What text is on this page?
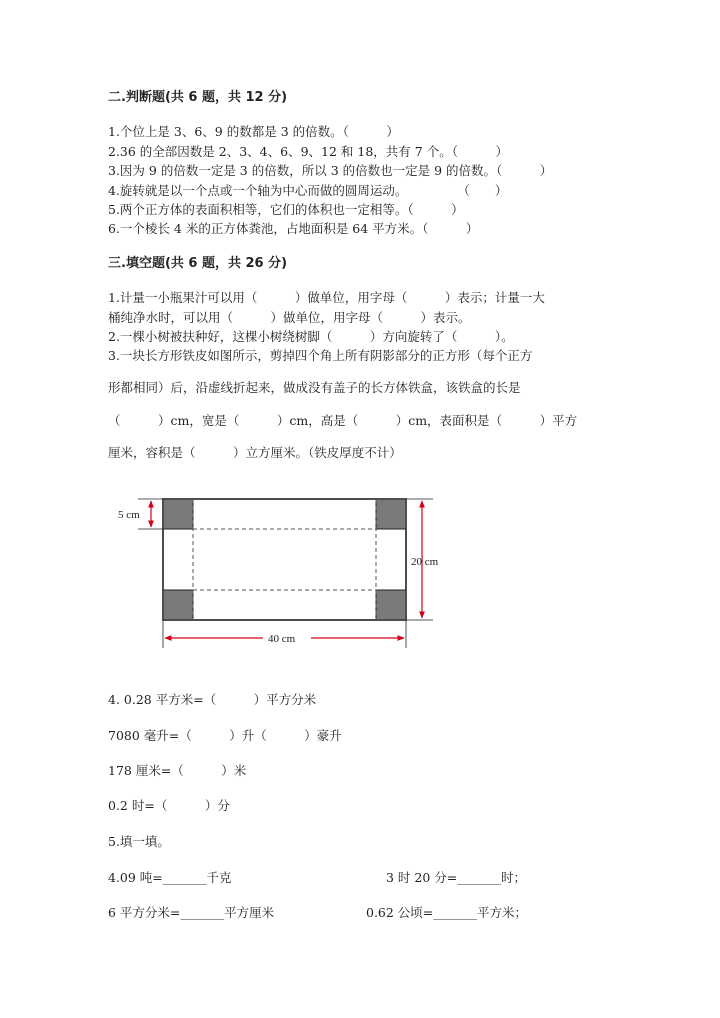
二.判断题(共 6 题，共 12 分)
1.个位上是 3、6、9 的数都是 3 的倍数。（　　　）
2.36 的全部因数是 2、3、4、6、9、12 和 18，共有 7 个。（　　　）
3.因为 9 的倍数一定是 3 的倍数，所以 3 的倍数也一定是 9 的倍数。（　　　）
4.旋转就是以一个点或一个轴为中心而做的圆周运动。　　　　　（　　）
5.两个正方体的表面积相等，它们的体积也一定相等。（　　　）
6.一个棱长 4 米的正方体粪池，占地面积是 64 平方米。（　　　）
三.填空题(共 6 题，共 26 分)
1.计量一小瓶果汁可以用（　　　）做单位，用字母（　　　）表示；计量一大
桶纯净水时，可以用（　　　）做单位，用字母（　　　）表示。
2.一棵小树被扶种好，这棵小树绕树脚（　　　）方向旋转了（　　　）。
3.一块长方形铁皮如图所示，剪掉四个角上所有阴影部分的正方形（每个正方
形都相同）后，沿虚线折起来，做成没有盖子的长方体铁盒，该铁盒的长是
（　　　）cm，宽是（　　　）cm，高是（　　　）cm，表面积是（　　　）平方
厘米，容积是（　　　）立方厘米。（铁皮厚度不计）
5 cm
20 cm
40 cm
4. 0.28 平方米=（　　　）平方分米
7080 毫升=（　　　）升（　　　）豪升
178 厘米=（　　　）米
0.2 时=（　　　）分
5.填一填。
4.09 吨=_______千克	3 时 20 分=_______时；
6 平方分米=_______平方厘米	0.62 公顷=_______平方米；
